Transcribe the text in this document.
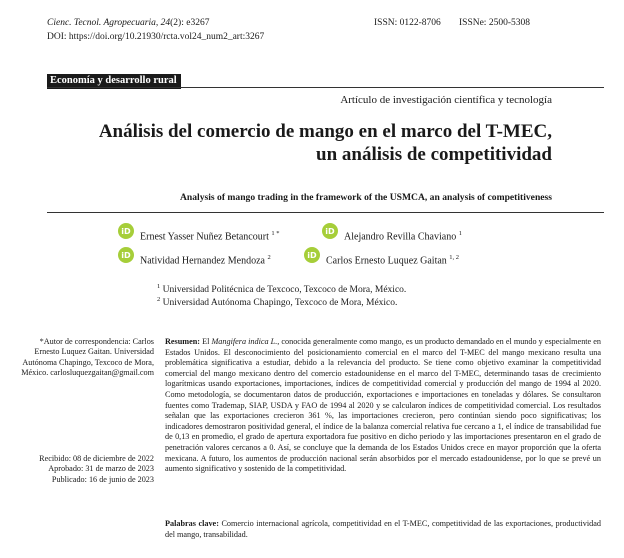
Cienc. Tecnol. Agropecuaria, 24(2): e3267	ISSN: 0122-8706 ISSNe: 2500-5308
DOI: https://doi.org/10.21930/rcta.vol24_num2_art:3267
Economía y desarrollo rural
Artículo de investigación científica y tecnología
Análisis del comercio de mango en el marco del T-MEC,
un análisis de competitividad
Analysis of mango trading in the framework of the USMCA, an analysis of competitiveness
iD
Ernest Yasser Nuñez Betancourt $^{1 *}$	iD
Alejandro Revilla Chaviano $^1$
iD
Natividad Hernandez Mendoza $^2$	iD
Carlos Ernesto Luquez Gaitan $^{1, 2}$
$^1$ Universidad Politécnica de Texcoco, Texcoco de Mora, México.
$^2$ Universidad Autónoma Chapingo, Texcoco de Mora, México.
*Autor de correspondencia: Carlos Ernesto Luquez Gaitan. Universidad Autónoma Chapingo, Texcoco de Mora, México. carlosluquezgaitan@gmail.com
Recibido: 08 de diciembre de 2022
Aprobado: 31 de marzo de 2023
Publicado: 16 de junio de 2023
Resumen: El Mangifera indica L., conocida generalmente como mango, es un producto demandado en el mundo y especialmente en Estados Unidos. El desconocimiento del posicionamiento comercial en el marco del T-MEC del mango mexicano resulta una problemática significativa a estudiar, debido a la relevancia del producto. Se tiene como objetivo examinar la competitividad comercial del mango mexicano dentro del comercio estadounidense en el marco del T-MEC, determinando tasas de crecimiento logarítmicas usando exportaciones, importaciones, índices de competitividad comercial y producción del mango de 1994 al 2020. Como metodología, se documentaron datos de producción, exportaciones e importaciones en toneladas y dólares. Se consultaron fuentes como Trademap, SIAP, USDA y FAO de 1994 al 2020 y se calcularon índices de competitividad comercial. Los resultados señalan que las exportaciones crecieron 361 %, las importaciones crecieron, pero continúan siendo poco significativas; los indicadores demostraron positividad general, el índice de la balanza comercial relativa fue cercano a 1, el índice de transabilidad fue de 0,13 en promedio, el grado de apertura exportadora fue positivo en dicho periodo y las importaciones presentaron en el grado de penetración valores cercanos a 0. Así, se concluye que la demanda de los Estados Unidos crece en mayor proporción que la oferta mexicana. A futuro, los aumentos de producción nacional serán absorbidos por el mercado estadounidense, por lo que se prevé un aumento significativo y sostenido de la competitividad.
Palabras clave: Comercio internacional agrícola, competitividad en el T-MEC, competitividad de las exportaciones, productividad del mango, transabilidad.
